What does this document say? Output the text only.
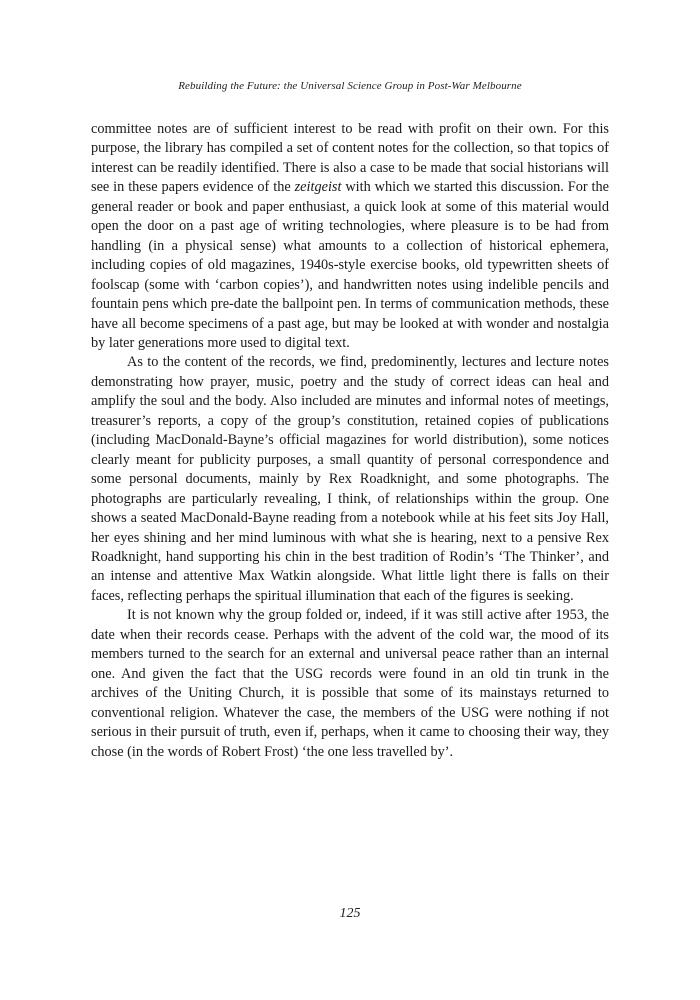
Rebuilding the Future: the Universal Science Group in Post-War Melbourne

committee notes are of sufficient interest to be read with profit on their own. For this purpose, the library has compiled a set of content notes for the collection, so that topics of interest can be readily identified. There is also a case to be made that social historians will see in these papers evidence of the zeitgeist with which we started this discussion. For the general reader or book and paper enthusiast, a quick look at some of this material would open the door on a past age of writing technologies, where pleasure is to be had from handling (in a physical sense) what amounts to a collection of historical ephemera, including copies of old magazines, 1940s-style exercise books, old typewritten sheets of foolscap (some with ‘carbon copies’), and handwritten notes using indelible pencils and fountain pens which pre-date the ballpoint pen. In terms of communication methods, these have all become specimens of a past age, but may be looked at with wonder and nostalgia by later generations more used to digital text.

As to the content of the records, we find, predominently, lectures and lecture notes demonstrating how prayer, music, poetry and the study of correct ideas can heal and amplify the soul and the body. Also included are minutes and informal notes of meetings, treasurer’s reports, a copy of the group’s constitution, retained copies of publications (including MacDonald-Bayne’s official magazines for world distribution), some notices clearly meant for publicity purposes, a small quantity of personal correspondence and some personal documents, mainly by Rex Roadknight, and some photographs. The photographs are particularly revealing, I think, of relationships within the group. One shows a seated MacDonald-Bayne reading from a notebook while at his feet sits Joy Hall, her eyes shining and her mind luminous with what she is hearing, next to a pensive Rex Roadknight, hand supporting his chin in the best tradition of Rodin’s ‘The Thinker’, and an intense and attentive Max Watkin alongside. What little light there is falls on their faces, reflecting perhaps the spiritual illumination that each of the figures is seeking.

It is not known why the group folded or, indeed, if it was still active after 1953, the date when their records cease. Perhaps with the advent of the cold war, the mood of its members turned to the search for an external and universal peace rather than an internal one. And given the fact that the USG records were found in an old tin trunk in the archives of the Uniting Church, it is possible that some of its mainstays returned to conventional religion. Whatever the case, the members of the USG were nothing if not serious in their pursuit of truth, even if, perhaps, when it came to choosing their way, they chose (in the words of Robert Frost) ‘the one less travelled by’.

125
